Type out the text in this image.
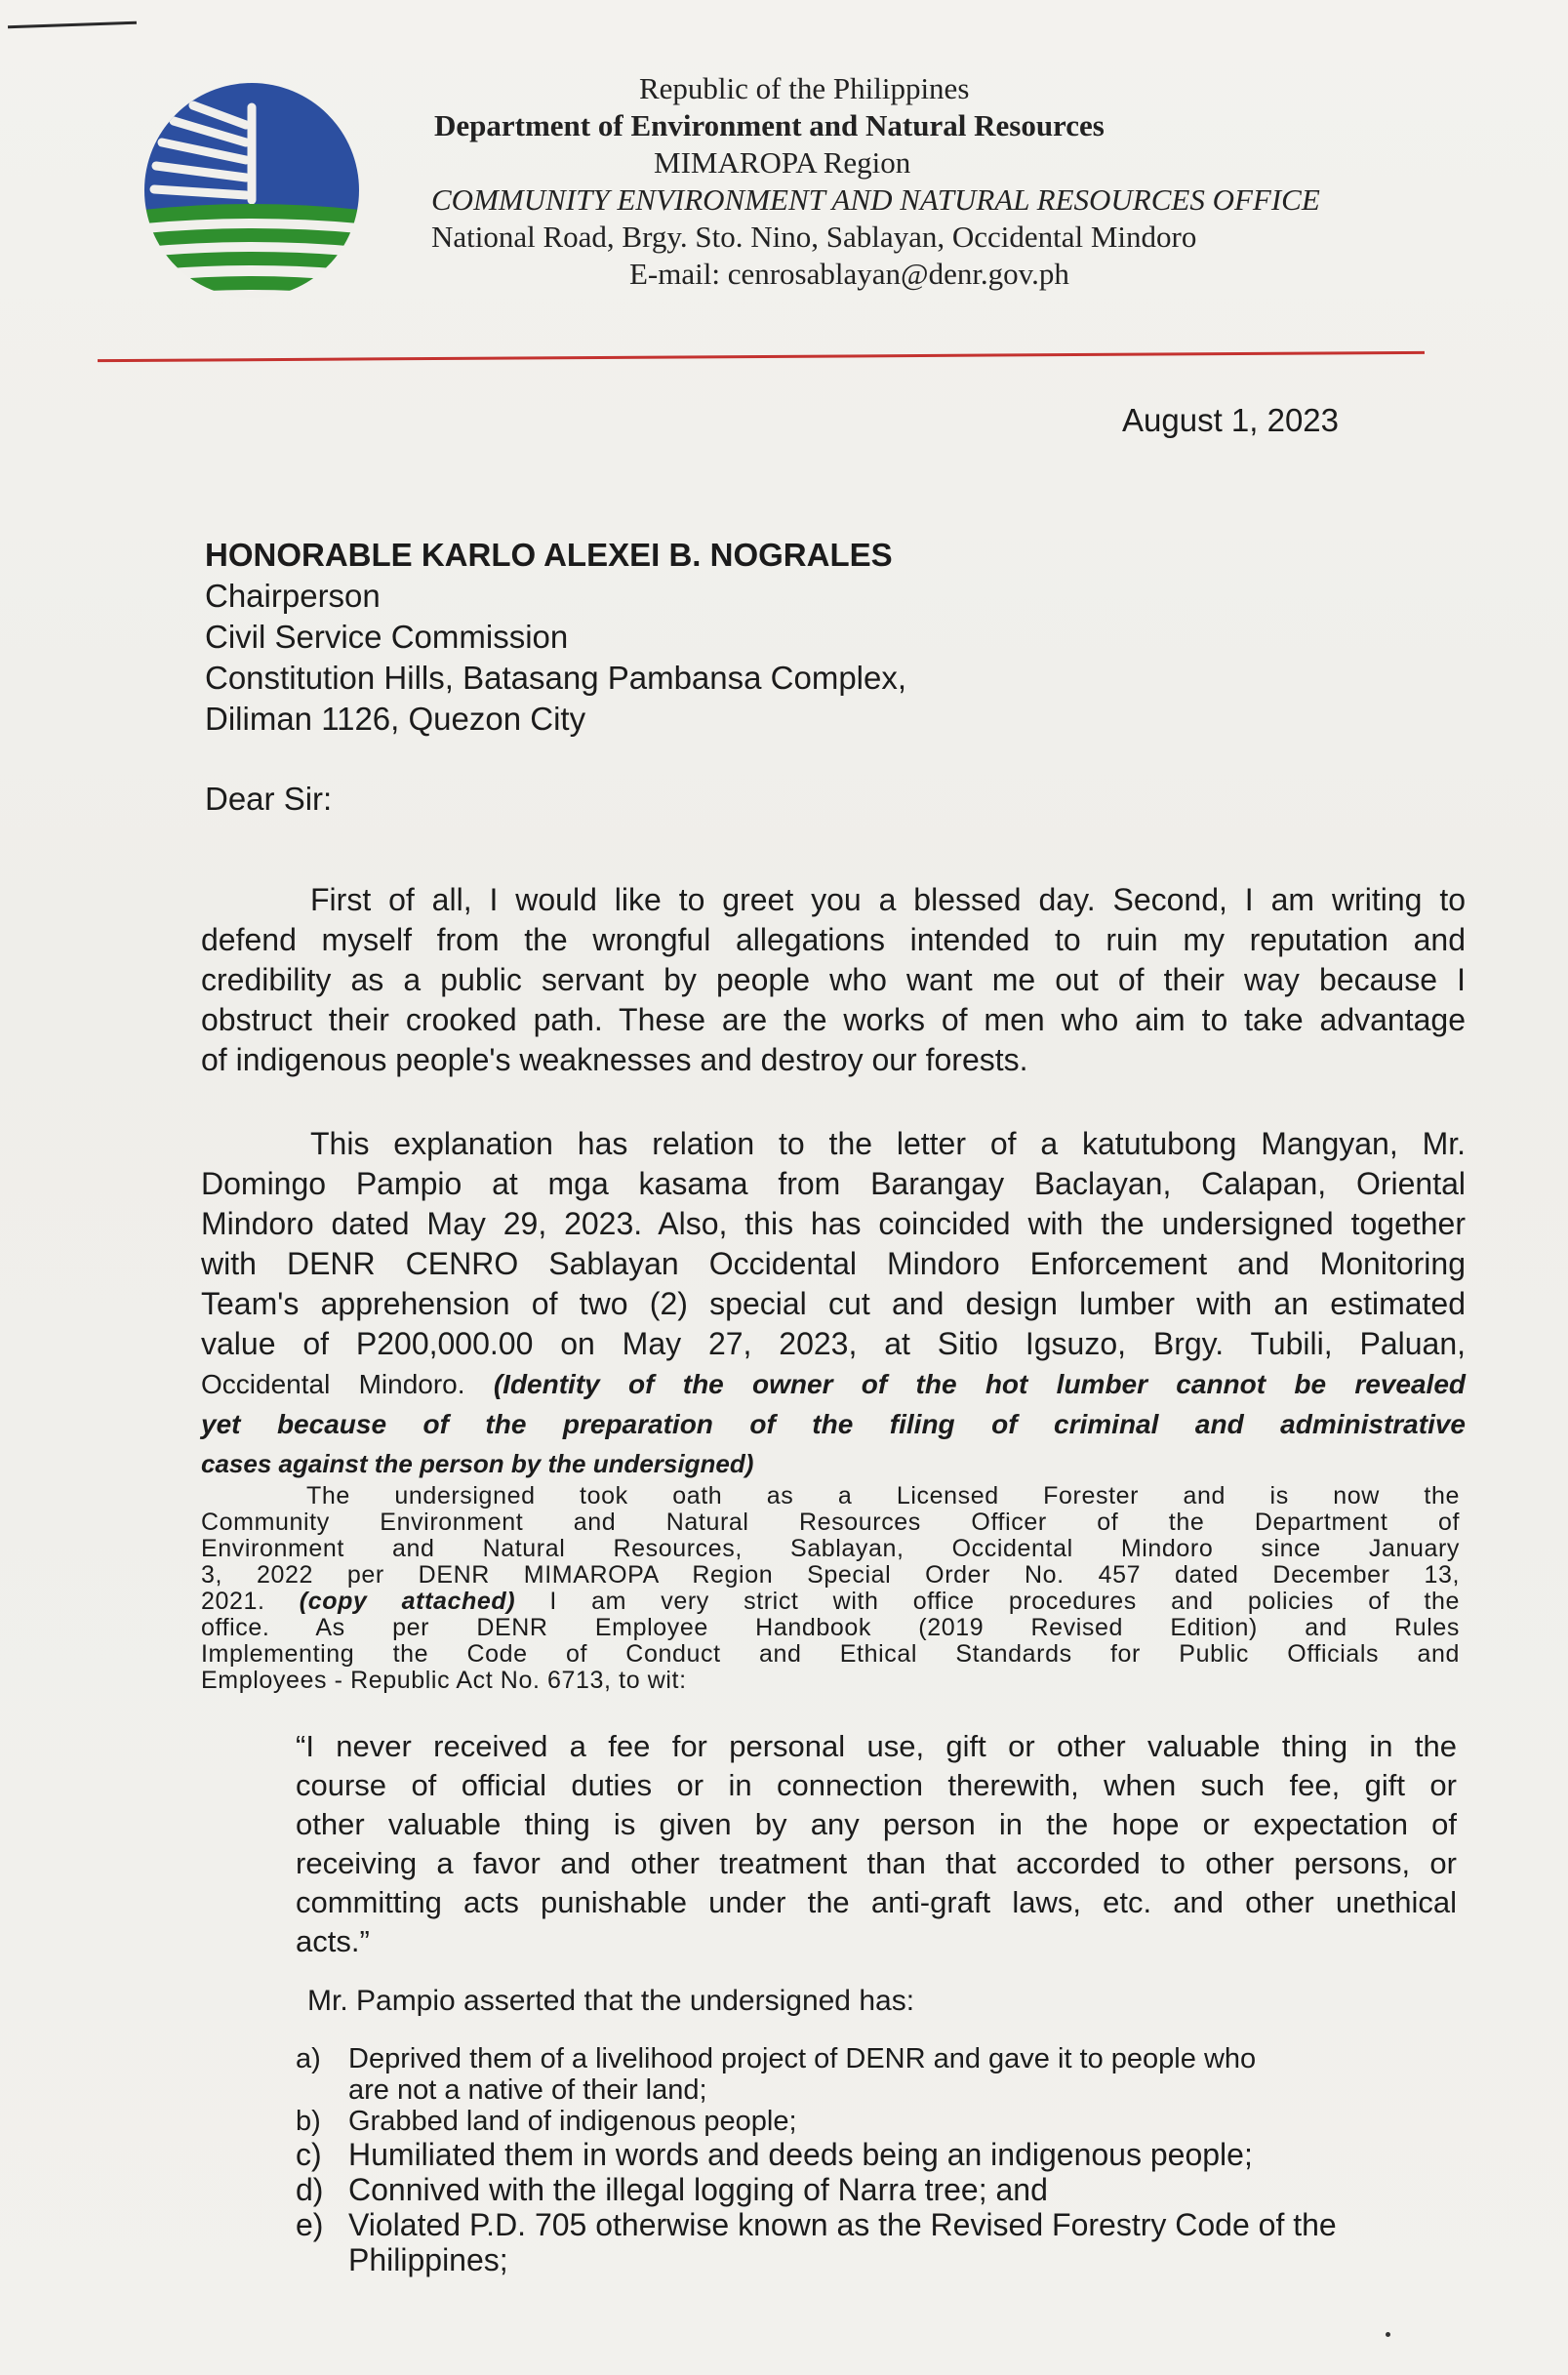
Republic of the Philippines
Department of Environment and Natural Resources
MIMAROPA Region
COMMUNITY ENVIRONMENT AND NATURAL RESOURCES OFFICE
National Road, Brgy. Sto. Nino, Sablayan, Occidental Mindoro
E-mail: cenrosablayan@denr.gov.ph
August 1, 2023
HONORABLE KARLO ALEXEI B. NOGRALES
Chairperson
Civil Service Commission
Constitution Hills, Batasang Pambansa Complex,
Diliman 1126, Quezon City
Dear Sir:
First of all, I would like to greet you a blessed day. Second, I am writing to
defend myself from the wrongful allegations intended to ruin my reputation and
credibility as a public servant by people who want me out of their way because I
obstruct their crooked path. These are the works of men who aim to take advantage
of indigenous people's weaknesses and destroy our forests.
This explanation has relation to the letter of a katutubong Mangyan, Mr.
Domingo Pampio at mga kasama from Barangay Baclayan, Calapan, Oriental
Mindoro dated May 29, 2023. Also, this has coincided with the undersigned together
with DENR CENRO Sablayan Occidental Mindoro Enforcement and Monitoring
Team's apprehension of two (2) special cut and design lumber with an estimated
value of P200,000.00 on May 27, 2023, at Sitio Igsuzo, Brgy. Tubili, Paluan,
Occidental Mindoro. (Identity of the owner of the hot lumber cannot be revealed
yet because of the preparation of the filing of criminal and administrative
cases against the person by the undersigned)
The undersigned took oath as a Licensed Forester and is now the
Community Environment and Natural Resources Officer of the Department of
Environment and Natural Resources, Sablayan, Occidental Mindoro since January
3, 2022 per DENR MIMAROPA Region Special Order No. 457 dated December 13,
2021. (copy attached) I am very strict with office procedures and policies of the
office. As per DENR Employee Handbook (2019 Revised Edition) and Rules
Implementing the Code of Conduct and Ethical Standards for Public Officials and
Employees - Republic Act No. 6713, to wit:
“I never received a fee for personal use, gift or other valuable thing in the
course of official duties or in connection therewith, when such fee, gift or
other valuable thing is given by any person in the hope or expectation of
receiving a favor and other treatment than that accorded to other persons, or
committing acts punishable under the anti-graft laws, etc. and other unethical
acts.”
Mr. Pampio asserted that the undersigned has:
a) Deprived them of a livelihood project of DENR and gave it to people who
are not a native of their land;
b) Grabbed land of indigenous people;
c) Humiliated them in words and deeds being an indigenous people;
d) Connived with the illegal logging of Narra tree; and
e) Violated P.D. 705 otherwise known as the Revised Forestry Code of the
Philippines;
